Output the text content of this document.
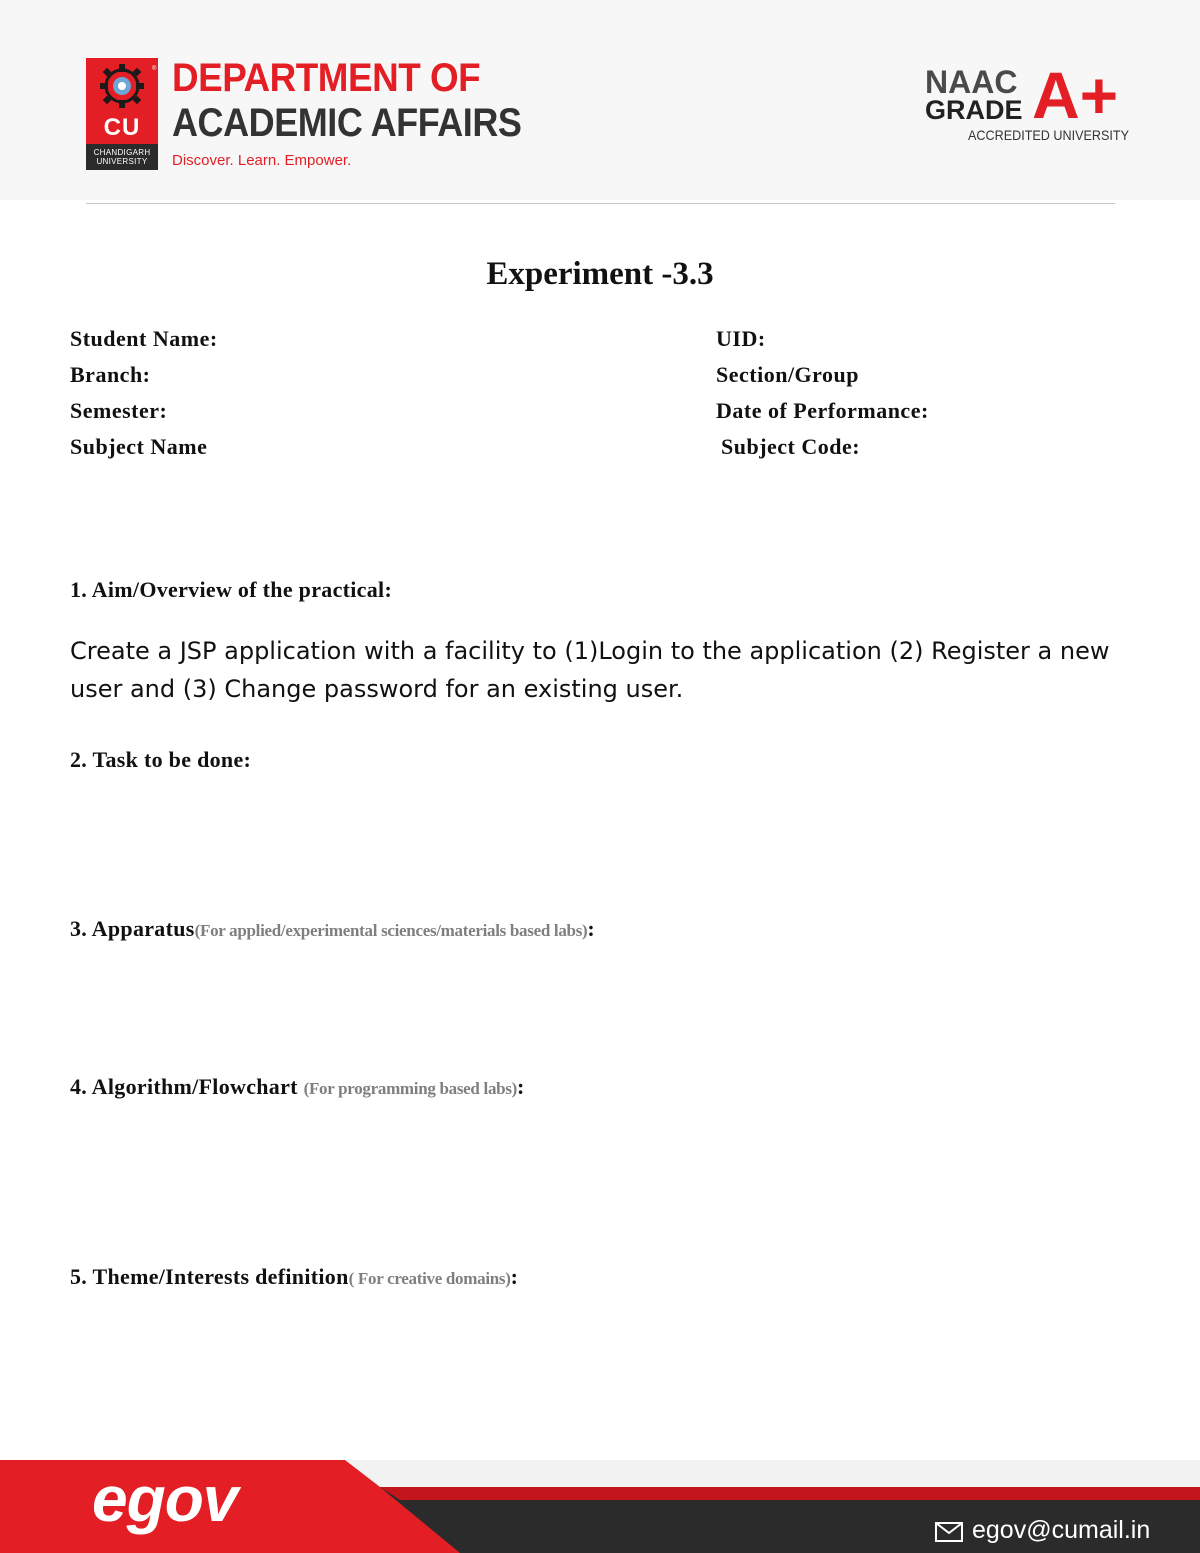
®
CU
CHANDIGARH UNIVERSITY
DEPARTMENT OF
ACADEMIC AFFAIRS
Discover. Learn. Empower.
NAAC
GRADE A+
ACCREDITED UNIVERSITY
Experiment -3.3
Student Name:	UID:
Branch:	Section/Group
Semester:	Date of Performance:
Subject Name	Subject Code:
1. Aim/Overview of the practical:
Create a JSP application with a facility to (1)Login to the application (2) Register a new user and (3) Change password for an existing user.
2. Task to be done:
3. Apparatus(For applied/experimental sciences/materials based labs):
4. Algorithm/Flowchart (For programming based labs):
5. Theme/Interests definition( For creative domains):
egov	egov@cumail.in
